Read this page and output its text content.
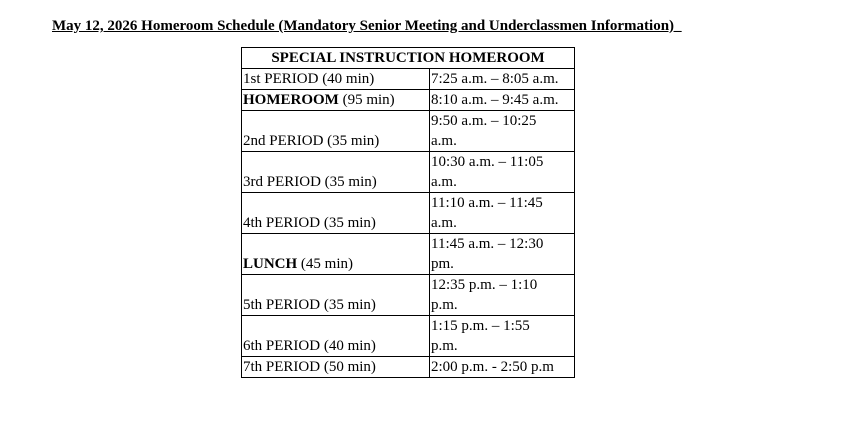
May 12, 2026 Homeroom Schedule (Mandatory Senior Meeting and Underclassmen Information)_
SPECIAL INSTRUCTION HOMEROOM	
1st PERIOD (40 min)	7:25 a.m. – 8:05 a.m.

HOMEROOM (95 min)	8:10 a.m. – 9:45 a.m.

2nd PERIOD (35 min)	9:50 a.m. – 10:25
a.m.

3rd PERIOD (35 min)	10:30 a.m. – 11:05
a.m.

4th PERIOD (35 min)	11:10 a.m. – 11:45
a.m.

LUNCH (45 min)	11:45 a.m. – 12:30
pm.

5th PERIOD (35 min)	12:35 p.m. – 1:10
p.m.

6th PERIOD (40 min)	1:15 p.m. – 1:55
p.m.

7th PERIOD (50 min)	2:00 p.m. - 2:50 p.m
